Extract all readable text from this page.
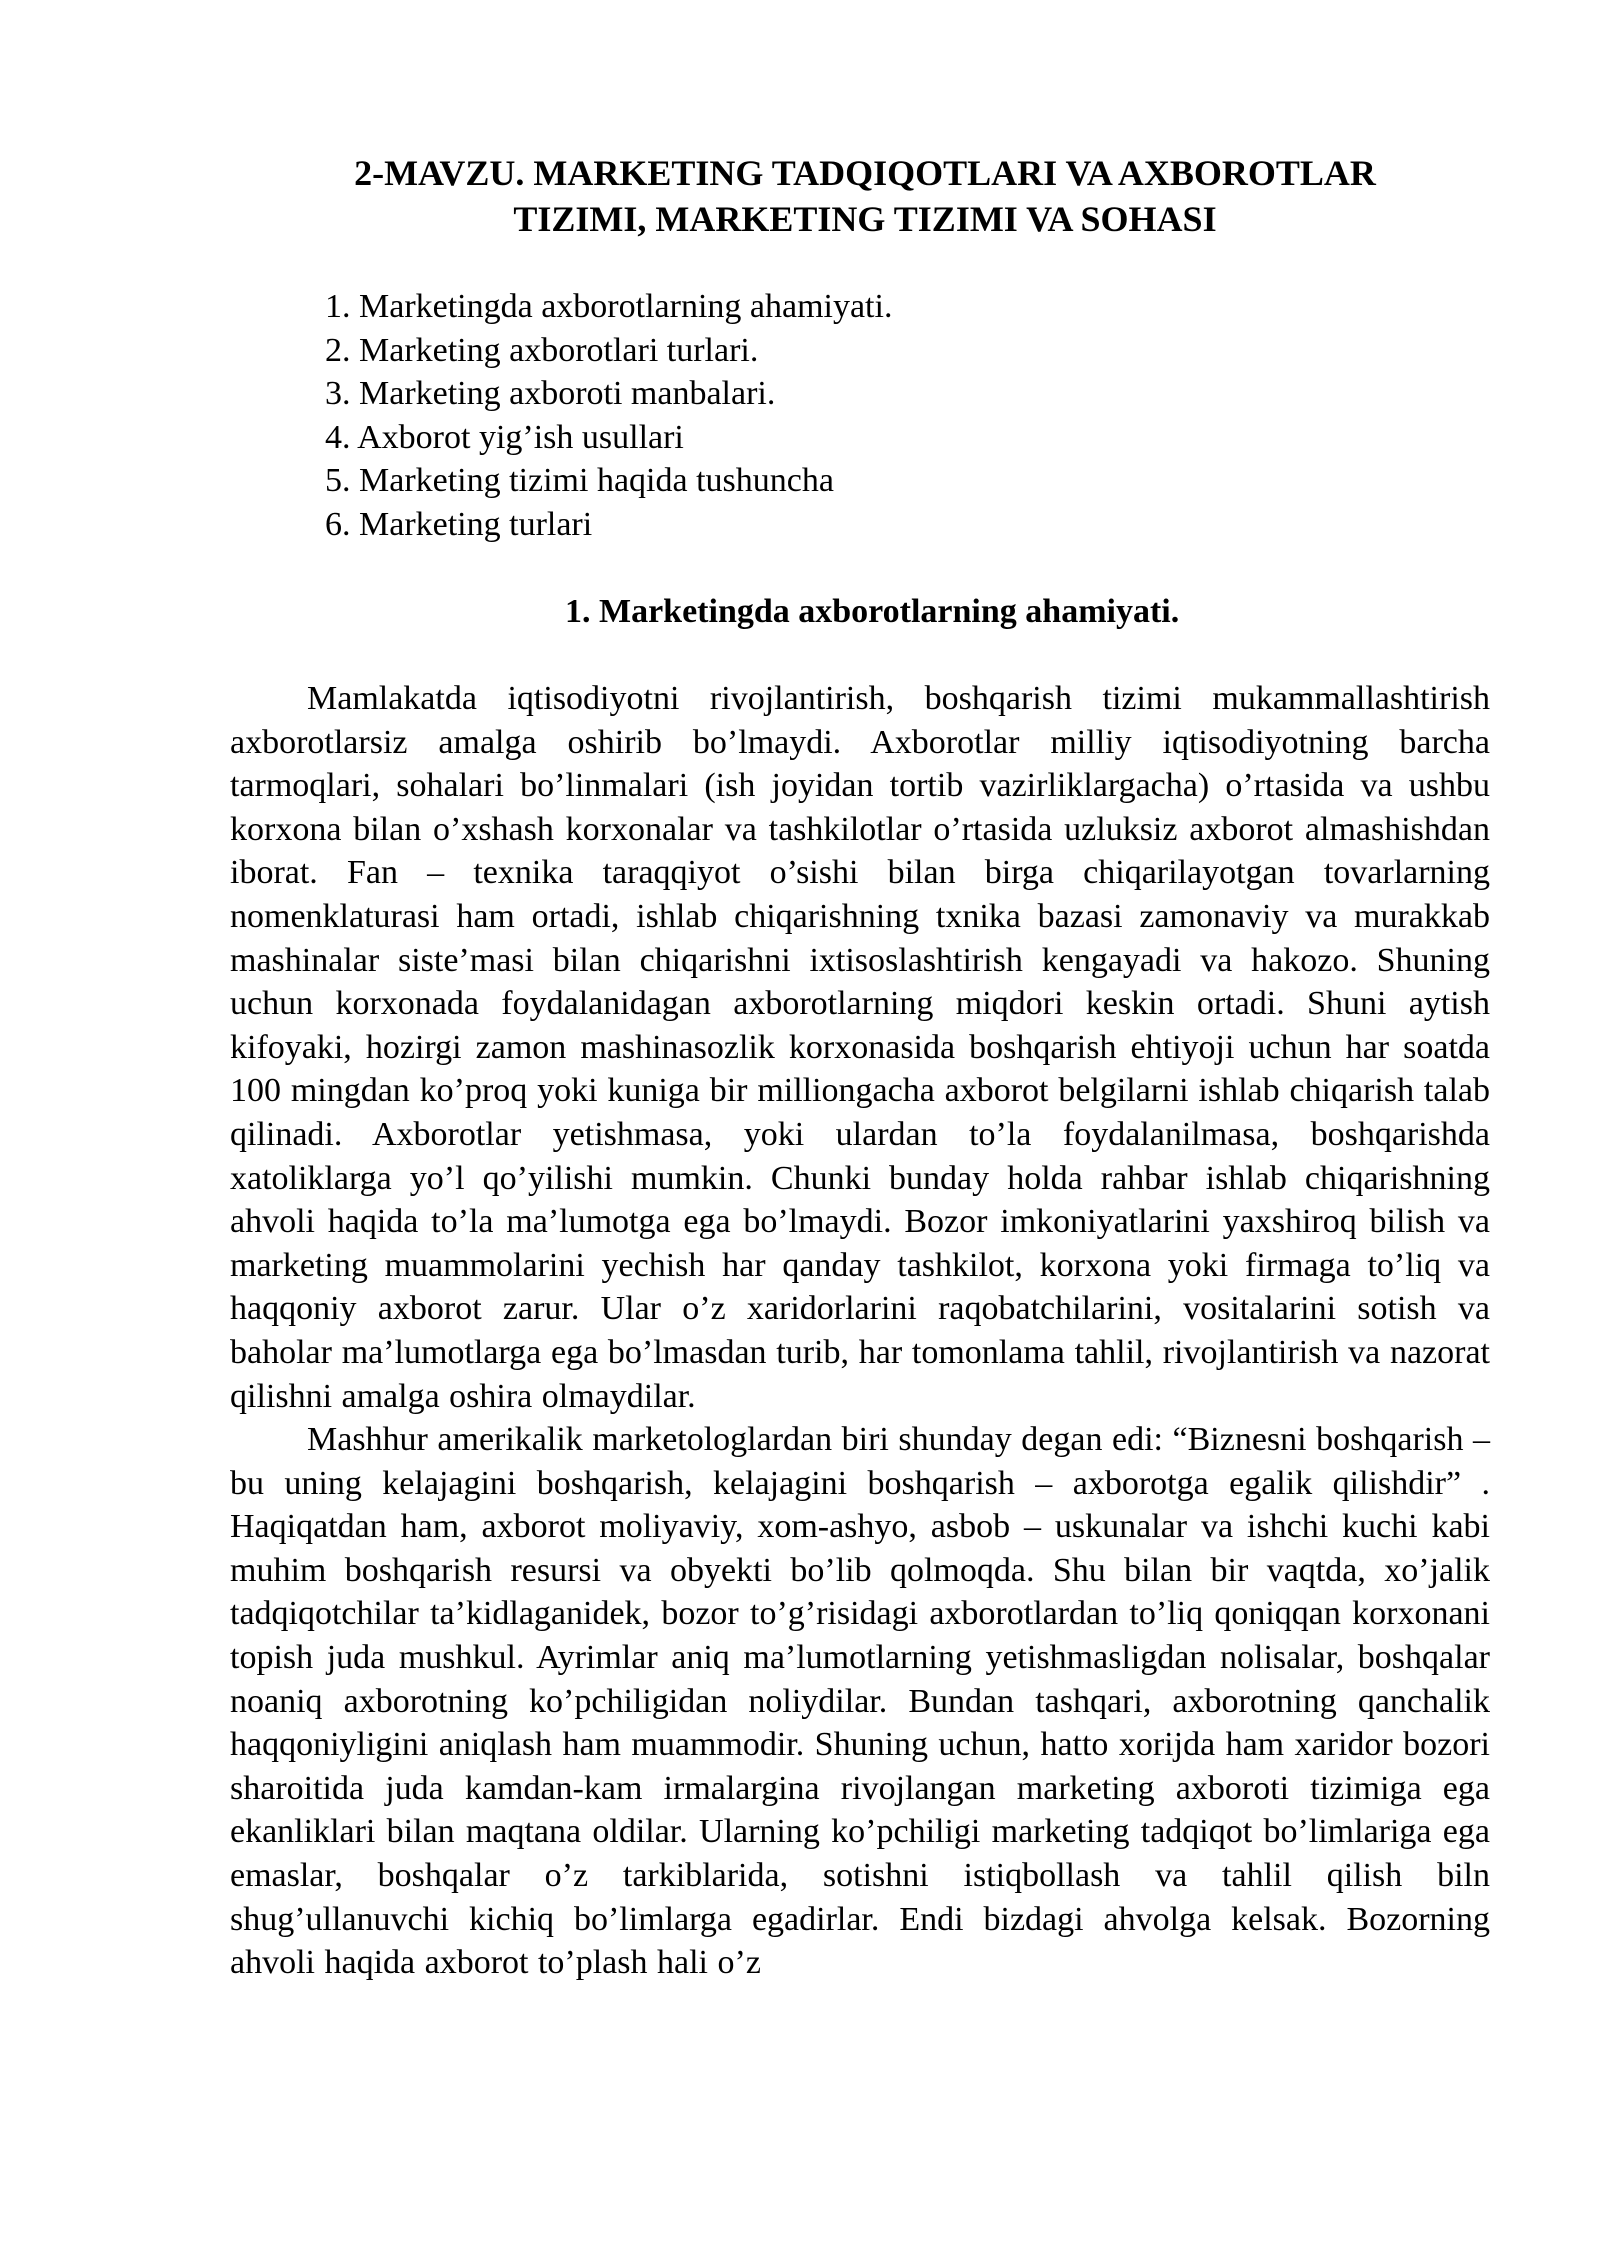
2-MAVZU. MARKETING TADQIQOTLARI VA AXBOROTLAR
TIZIMI, MARKETING TIZIMI VA SOHASI
1. Marketingda axborotlarning ahamiyati.
2. Marketing axborotlari turlari.
3. Marketing axboroti manbalari.
4. Axborot yig’ish usullari
5. Marketing tizimi haqida tushuncha
6. Marketing turlari
1. Marketingda axborotlarning ahamiyati.

Mamlakatda iqtisodiyotni rivojlantirish, boshqarish tizimi mukammallashtirish axborotlarsiz amalga oshirib bo’lmaydi. Axborotlar milliy iqtisodiyotning barcha tarmoqlari, sohalari bo’linmalari (ish joyidan tortib vazirliklargacha) o’rtasida va ushbu korxona bilan o’xshash korxonalar va tashkilotlar o’rtasida uzluksiz axborot almashishdan iborat. Fan – texnika taraqqiyot o’sishi bilan birga chiqarilayotgan tovarlarning nomenklaturasi ham ortadi, ishlab chiqarishning txnika bazasi zamonaviy va murakkab mashinalar siste’masi bilan chiqarishni ixtisoslashtirish kengayadi va hakozo. Shuning uchun korxonada foydalanidagan axborotlarning miqdori keskin ortadi. Shuni aytish kifoyaki, hozirgi zamon mashinasozlik korxonasida boshqarish ehtiyoji uchun har soatda 100 mingdan ko’proq yoki kuniga bir milliongacha axborot belgilarni ishlab chiqarish talab qilinadi. Axborotlar yetishmasa, yoki ulardan to’la foydalanilmasa, boshqarishda xatoliklarga yo’l qo’yilishi mumkin. Chunki bunday holda rahbar ishlab chiqarishning ahvoli haqida to’la ma’lumotga ega bo’lmaydi. Bozor imkoniyatlarini yaxshiroq bilish va marketing muammolarini yechish har qanday tashkilot, korxona yoki firmaga to’liq va haqqoniy axborot zarur. Ular o’z xaridorlarini raqobatchilarini, vositalarini sotish va baholar ma’lumotlarga ega bo’lmasdan turib, har tomonlama tahlil, rivojlantirish va nazorat qilishni amalga oshira olmaydilar.

Mashhur amerikalik marketologlardan biri shunday degan edi: “Biznesni boshqarish – bu uning kelajagini boshqarish, kelajagini boshqarish – axborotga egalik qilishdir” . Haqiqatdan ham, axborot moliyaviy, xom-ashyo, asbob – uskunalar va ishchi kuchi kabi muhim boshqarish resursi va obyekti bo’lib qolmoqda. Shu bilan bir vaqtda, xo’jalik tadqiqotchilar ta’kidlaganidek, bozor to’g’risidagi axborotlardan to’liq qoniqqan korxonani topish juda mushkul. Ayrimlar aniq ma’lumotlarning yetishmasligdan nolisalar, boshqalar noaniq axborotning ko’pchiligidan noliydilar. Bundan tashqari, axborotning qanchalik haqqoniyligini aniqlash ham muammodir. Shuning uchun, hatto xorijda ham xaridor bozori sharoitida juda kamdan-kam irmalargina rivojlangan marketing axboroti tizimiga ega ekanliklari bilan maqtana oldilar. Ularning ko’pchiligi marketing tadqiqot bo’limlariga ega emaslar, boshqalar o’z tarkiblarida, sotishni istiqbollash va tahlil qilish biln shug’ullanuvchi kichiq bo’limlarga egadirlar. Endi bizdagi ahvolga kelsak. Bozorning ahvoli haqida axborot to’plash hali o’z
